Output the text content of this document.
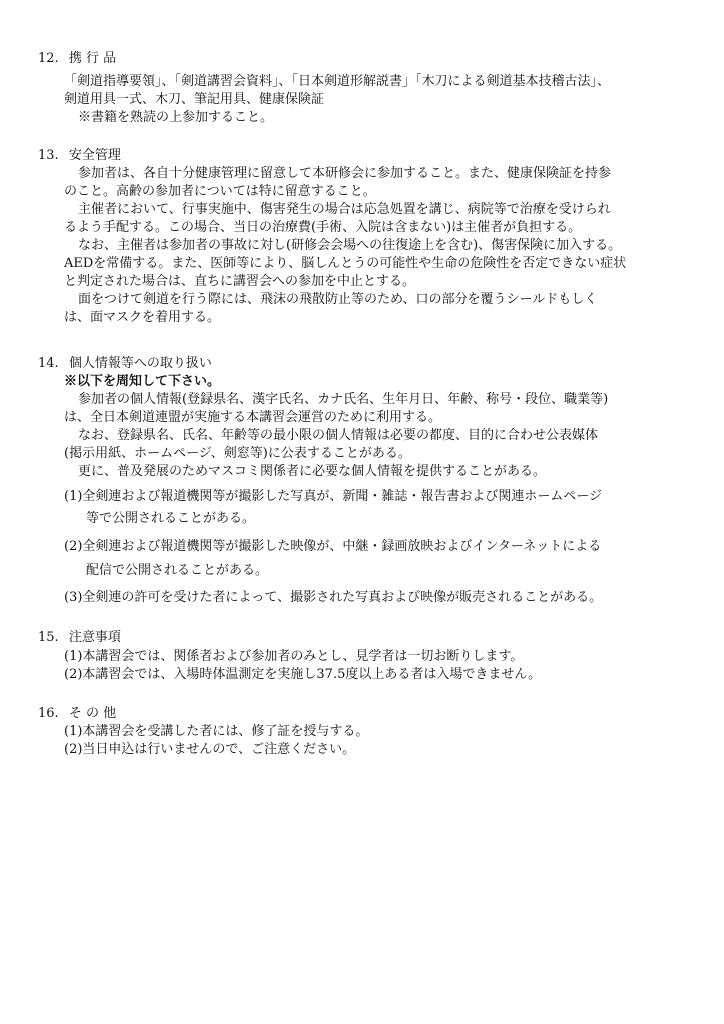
12. 携 行 品
「剣道指導要領」、「剣道講習会資料」、「日本剣道形解説書」「木刀による剣道基本技稽古法」、
剣道用具一式、木刀、筆記用具、健康保険証
※書籍を熟読の上参加すること。
13. 安全管理
参加者は、各自十分健康管理に留意して本研修会に参加すること。また、健康保険証を持参
のこと。高齢の参加者については特に留意すること。
主催者において、行事実施中、傷害発生の場合は応急処置を講じ、病院等で治療を受けられ
るよう手配する。この場合、当日の治療費(手術、入院は含まない)は主催者が負担する。
なお、主催者は参加者の事故に対し(研修会会場への往復途上を含む)、傷害保険に加入する。
AEDを常備する。また、医師等により、脳しんとうの可能性や生命の危険性を否定できない症状
と判定された場合は、直ちに講習会への参加を中止とする。
面をつけて剣道を行う際には、飛沫の飛散防止等のため、口の部分を覆うシールドもしく
は、面マスクを着用する。
14. 個人情報等への取り扱い
※以下を周知して下さい。
参加者の個人情報(登録県名、漢字氏名、カナ氏名、生年月日、年齢、称号・段位、職業等)
は、全日本剣道連盟が実施する本講習会運営のために利用する。
なお、登録県名、氏名、年齢等の最小限の個人情報は必要の都度、目的に合わせ公表媒体
(掲示用紙、ホームページ、剣窓等)に公表することがある。
更に、普及発展のためマスコミ関係者に必要な個人情報を提供することがある。
(1)全剣連および報道機関等が撮影した写真が、新聞・雑誌・報告書および関連ホームページ
等で公開されることがある。
(2)全剣連および報道機関等が撮影した映像が、中継・録画放映およびインターネットによる
配信で公開されることがある。
(3)全剣連の許可を受けた者によって、撮影された写真および映像が販売されることがある。
15. 注意事項
(1)本講習会では、関係者および参加者のみとし、見学者は一切お断りします。
(2)本講習会では、入場時体温測定を実施し37.5度以上ある者は入場できません。
16. そ の 他
(1)本講習会を受講した者には、修了証を授与する。
(2)当日申込は行いませんので、ご注意ください。
